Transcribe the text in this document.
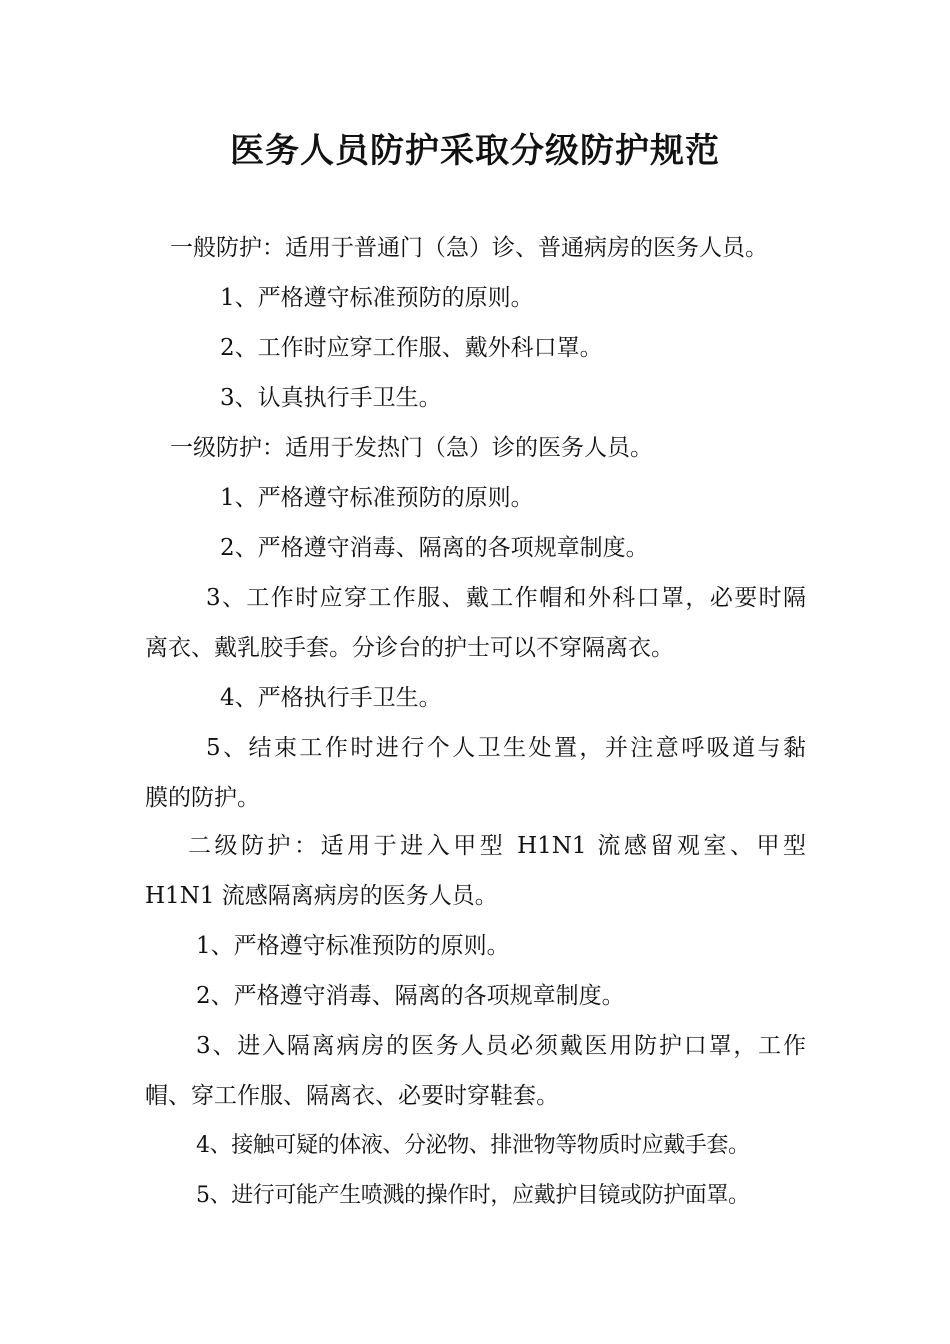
医务人员防护采取分级防护规范
一般防护：适用于普通门（急）诊、普通病房的医务人员。
1、严格遵守标准预防的原则。
2、工作时应穿工作服、戴外科口罩。
3、认真执行手卫生。
一级防护：适用于发热门（急）诊的医务人员。
1、严格遵守标准预防的原则。
2、严格遵守消毒、隔离的各项规章制度。
3、工作时应穿工作服、戴工作帽和外科口罩，必要时隔
离衣、戴乳胶手套。分诊台的护士可以不穿隔离衣。
4、严格执行手卫生。
5、结束工作时进行个人卫生处置，并注意呼吸道与黏
膜的防护。
二级防护：适用于进入甲型 H1N1 流感留观室、甲型
H1N1 流感隔离病房的医务人员。
1、严格遵守标准预防的原则。
2、严格遵守消毒、隔离的各项规章制度。
3、进入隔离病房的医务人员必须戴医用防护口罩，工作
帽、穿工作服、隔离衣、必要时穿鞋套。
4、接触可疑的体液、分泌物、排泄物等物质时应戴手套。
5、进行可能产生喷溅的操作时，应戴护目镜或防护面罩。
